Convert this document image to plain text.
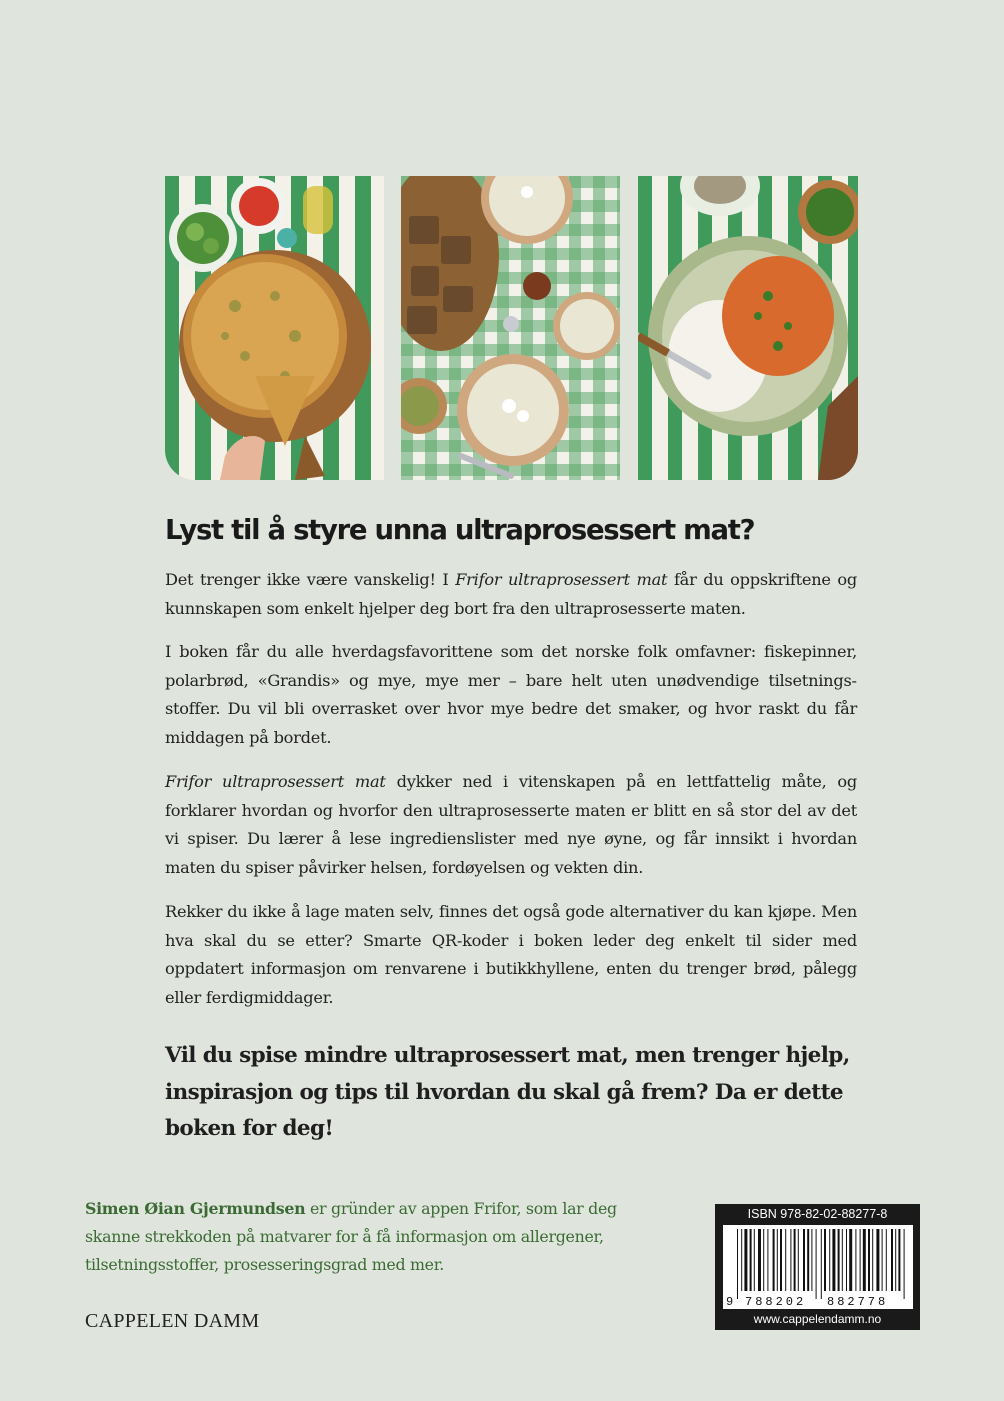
Lyst til å styre unna ultraprosessert mat?

Det trenger ikke være vanskelig! I Frifor ultraprosessert mat får du oppskriftene og kunnskapen som enkelt hjelper deg bort fra den ultraprosesserte maten.

I boken får du alle hverdagsfavorittene som det norske folk omfavner: fiskepinner, polarbrød, «Grandis» og mye, mye mer – bare helt uten unødvendige tilsetningsstoffer. Du vil bli overrasket over hvor mye bedre det smaker, og hvor raskt du får middagen på bordet.

Frifor ultraprosessert mat dykker ned i vitenskapen på en lettfattelig måte, og forklarer hvordan og hvorfor den ultraprosesserte maten er blitt en så stor del av det vi spiser. Du lærer å lese ingredienslister med nye øyne, og får innsikt i hvordan maten du spiser påvirker helsen, fordøyelsen og vekten din.

Rekker du ikke å lage maten selv, finnes det også gode alternativer du kan kjøpe. Men hva skal du se etter? Smarte QR-koder i boken leder deg enkelt til sider med oppdatert informasjon om renvarene i butikkhyllene, enten du trenger brød, pålegg eller ferdigmiddager.

Vil du spise mindre ultraprosessert mat, men trenger hjelp, inspirasjon og tips til hvordan du skal gå frem? Da er dette boken for deg!

Simen Øian Gjermundsen er gründer av appen Frifor, som lar deg skanne strekkoden på matvarer for å få informasjon om allergener, tilsetningsstoffer, prosesseringsgrad med mer.

CAPPELEN DAMM
ISBN 978-82-02-88277-8
9 788202 882778
www.cappelendamm.no
